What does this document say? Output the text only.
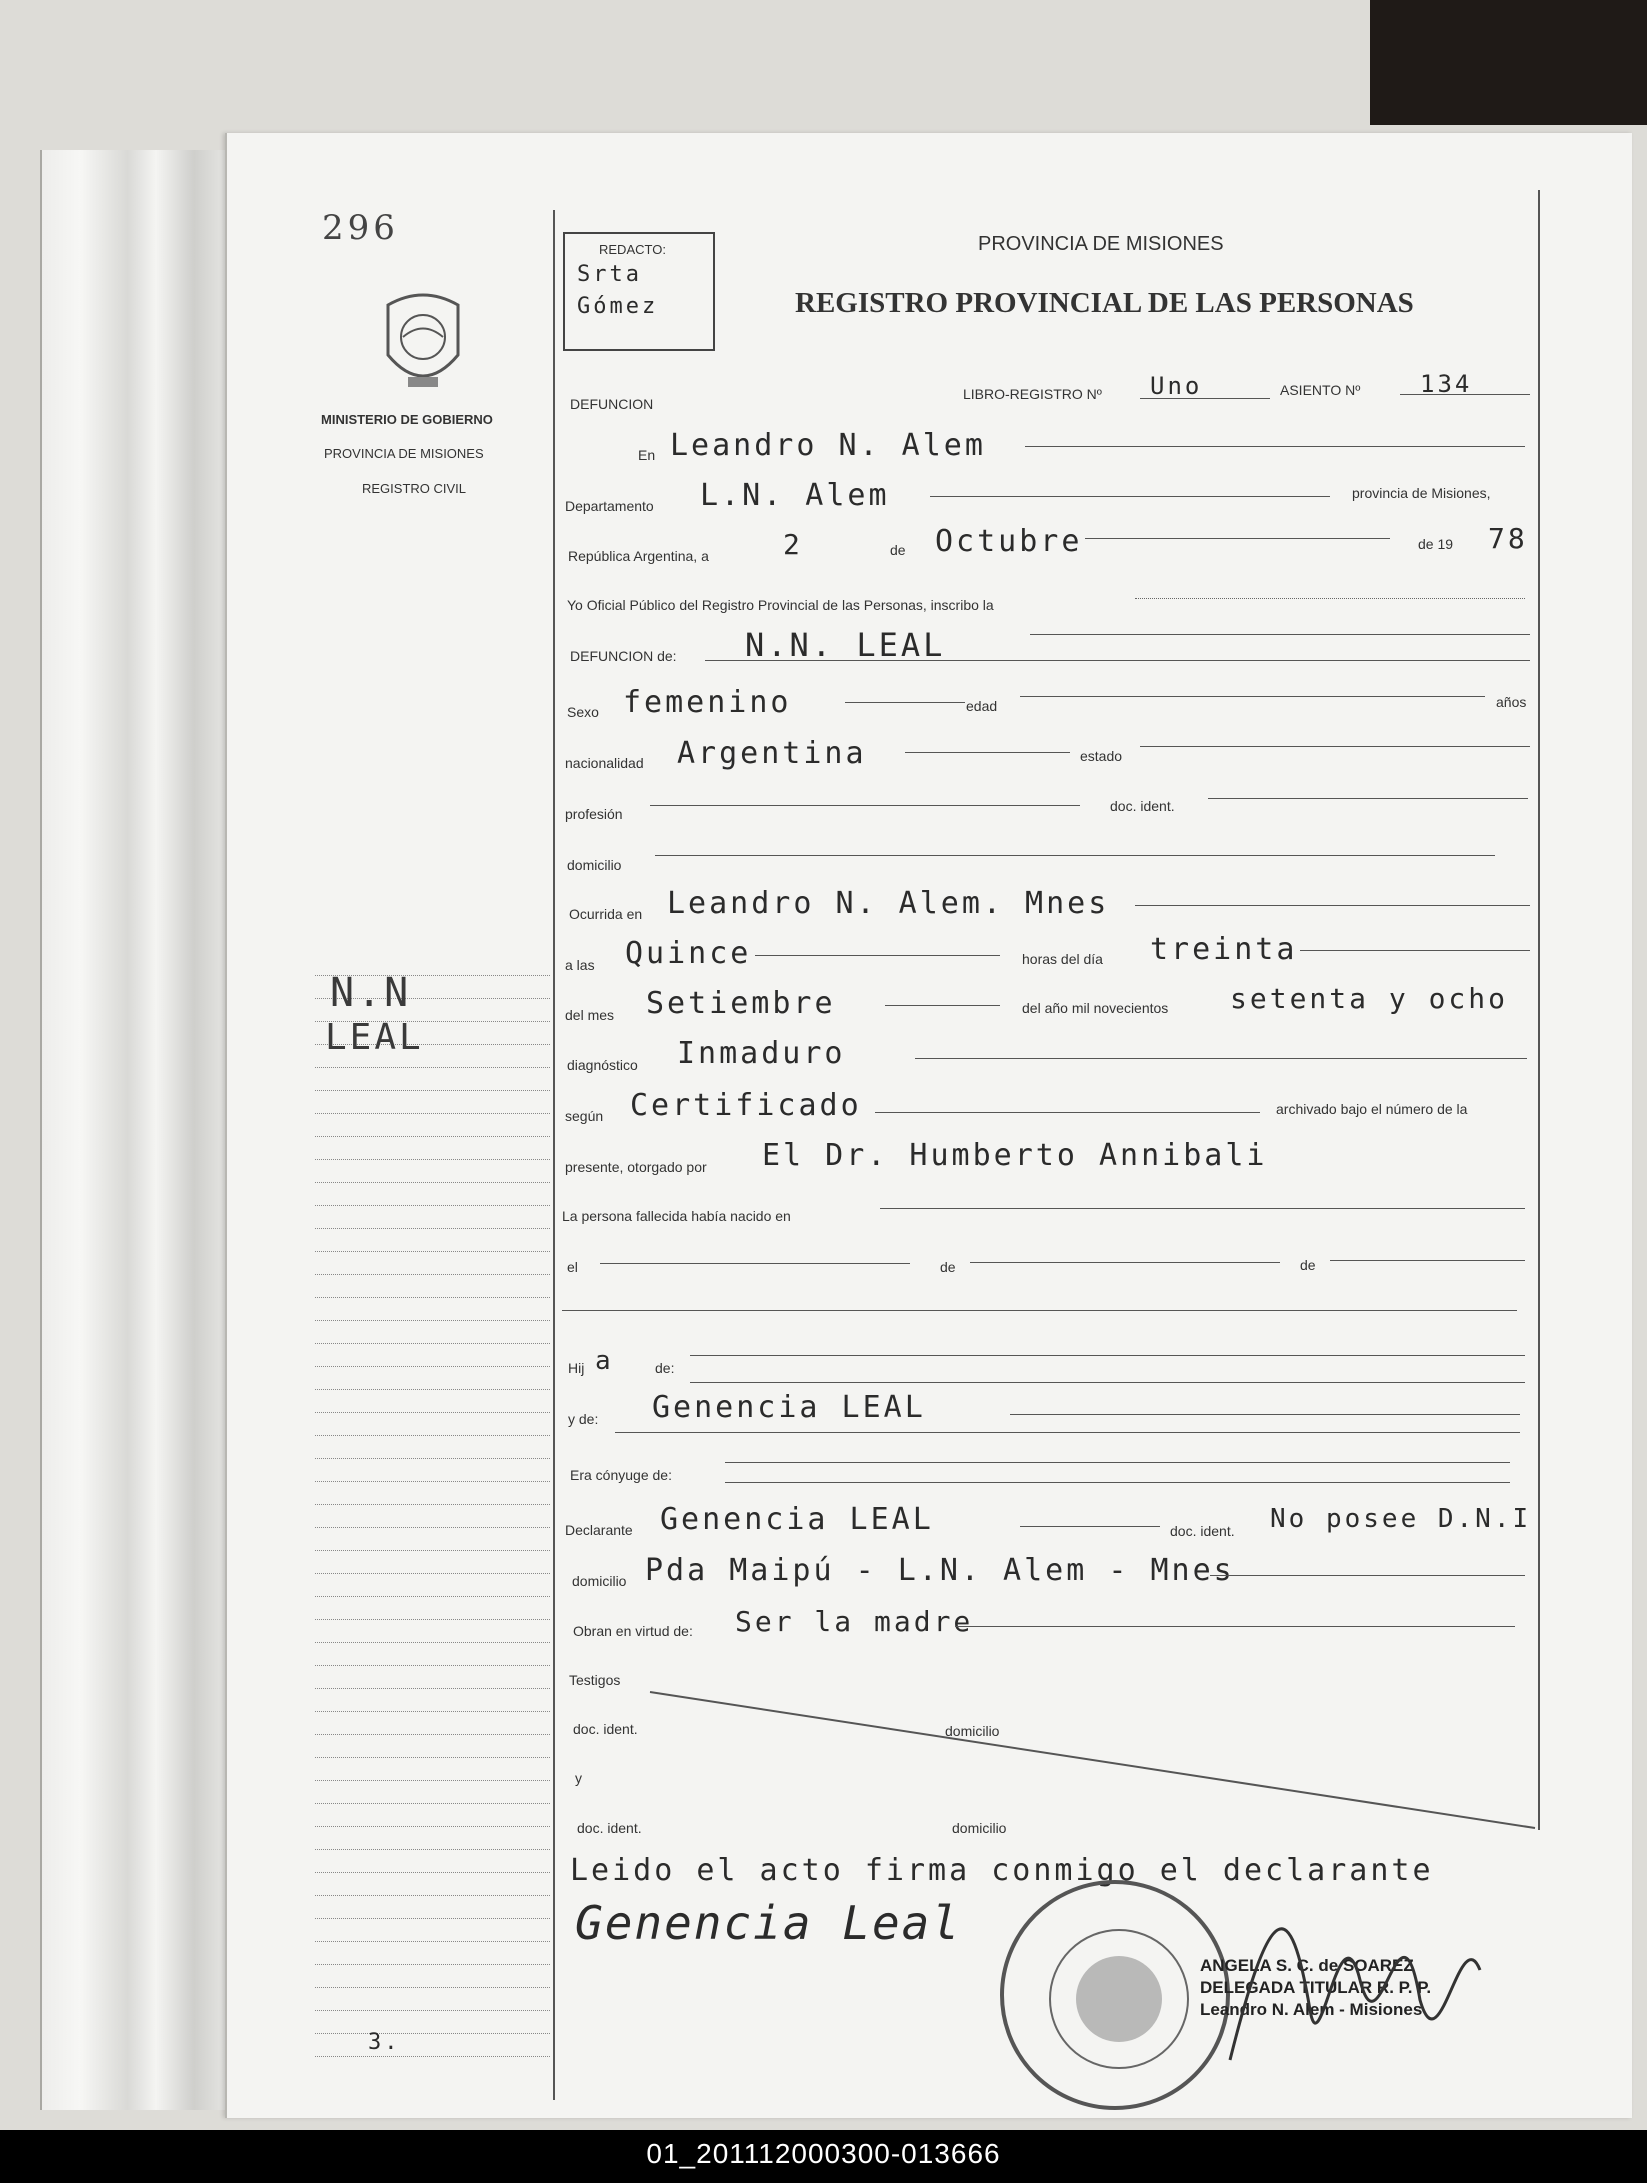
296
MINISTERIO DE GOBIERNO
PROVINCIA DE MISIONES
REGISTRO CIVIL
REDACTO:
Srta
Gómez
PROVINCIA DE MISIONES
REGISTRO PROVINCIAL DE LAS PERSONAS
N.N
LEAL
3.
DEFUNCION
LIBRO-REGISTRO Nº Uno	ASIENTO Nº 134
En Leandro N. Alem
Departamento L.N. Alem	provincia de Misiones,
República Argentina, a	2	de Octubre	de 19 78
Yo Oficial Público del Registro Provincial de las Personas, inscribo la
DEFUNCION de: N.N. LEAL
Sexo femenino	edad	años
nacionalidad Argentina	estado
profesión	doc. ident.
domicilio
Ocurrida en Leandro N. Alem. Mnes
a las Quince	horas del día treinta
del mes Setiembre	del año mil novecientos setenta y ocho
diagnóstico Inmaduro
según Certificado	archivado bajo el número de la
presente, otorgado por El Dr. Humberto Annibali
La persona fallecida había nacido en
el	de	de
Hij a	de:
y de: Genencia LEAL
Era cónyuge de:
Declarante Genencia LEAL	doc. ident. No posee D.N.I
domicilio Pda Maipú - L.N. Alem - Mnes
Obran en virtud de: Ser la madre
Testigos
doc. ident.	domicilio
y
doc. ident.	domicilio
Leido el acto firma conmigo el declarante
Genencia Leal
ANGELA S. C. de SOAREZ
DELEGADA TITULAR R. P. P.
Leandro N. Alem - Misiones
01_201112000300-013666
